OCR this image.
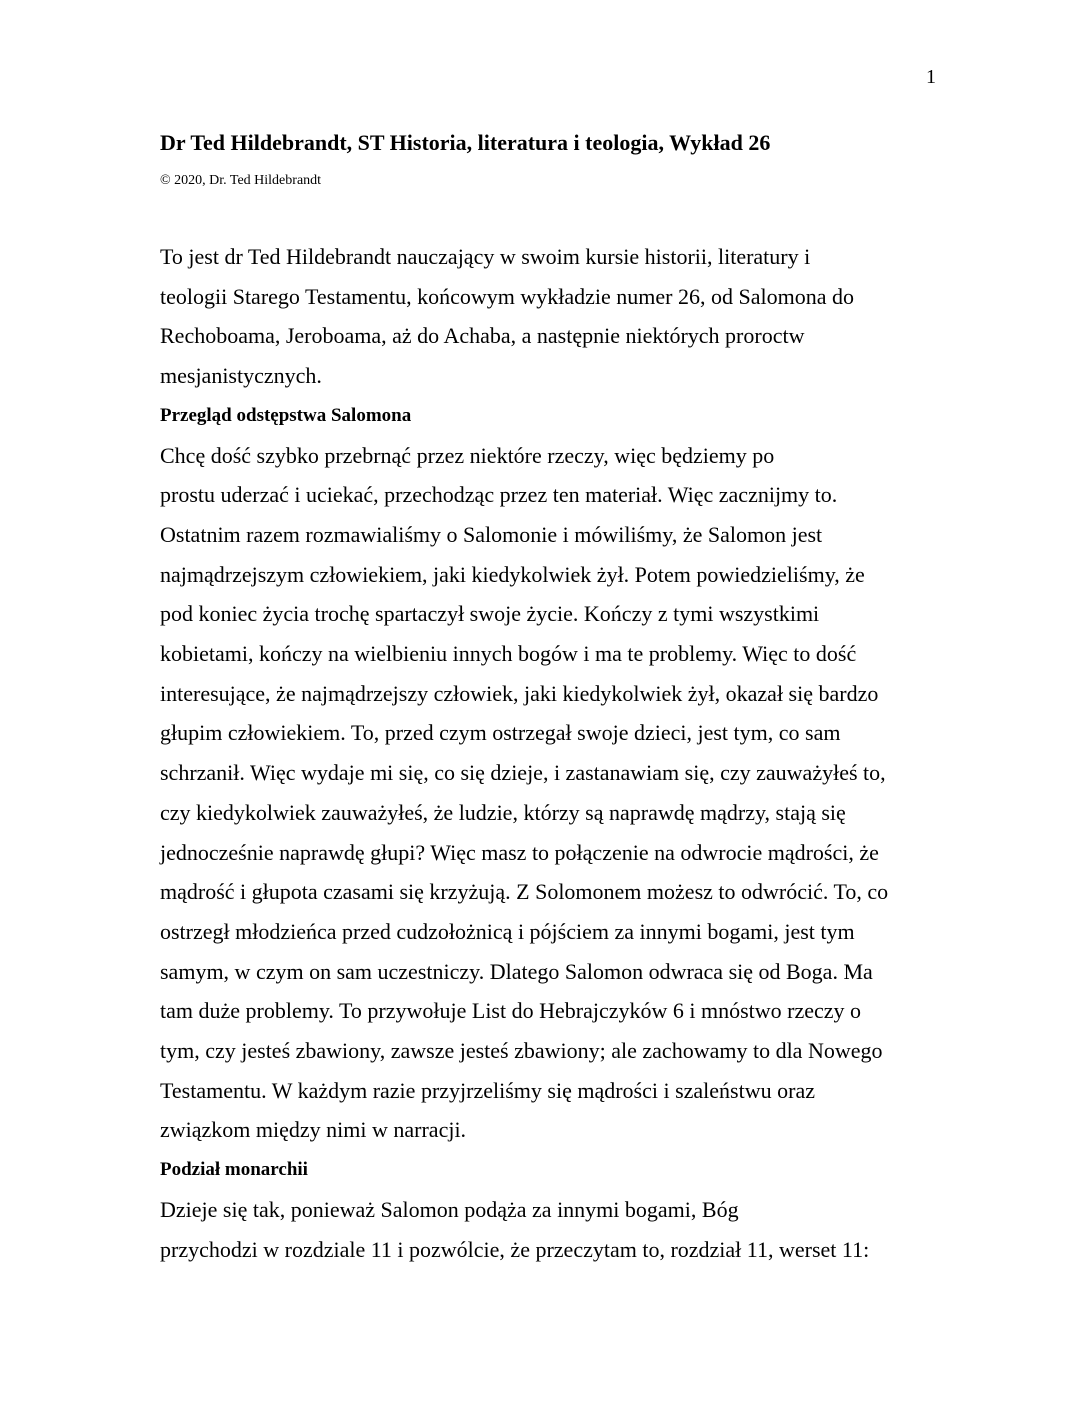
1
Dr Ted Hildebrandt, ST Historia, literatura i teologia, Wykład 26
© 2020, Dr. Ted Hildebrandt

To jest dr Ted Hildebrandt nauczający w swoim kursie historii, literatury i
teologii Starego Testamentu, końcowym wykładzie numer 26, od Salomona do
Rechoboama, Jeroboama, aż do Achaba, a następnie niektórych proroctw
mesjanistycznych.

Przegląd odstępstwa Salomona

Chcę dość szybko przebrnąć przez niektóre rzeczy, więc będziemy po
prostu uderzać i uciekać, przechodząc przez ten materiał. Więc zacznijmy to.
Ostatnim razem rozmawialiśmy o Salomonie i mówiliśmy, że Salomon jest
najmądrzejszym człowiekiem, jaki kiedykolwiek żył. Potem powiedzieliśmy, że
pod koniec życia trochę spartaczył swoje życie. Kończy z tymi wszystkimi
kobietami, kończy na wielbieniu innych bogów i ma te problemy. Więc to dość
interesujące, że najmądrzejszy człowiek, jaki kiedykolwiek żył, okazał się bardzo
głupim człowiekiem. To, przed czym ostrzegał swoje dzieci, jest tym, co sam
schrzanił. Więc wydaje mi się, co się dzieje, i zastanawiam się, czy zauważyłeś to,
czy kiedykolwiek zauważyłeś, że ludzie, którzy są naprawdę mądrzy, stają się
jednocześnie naprawdę głupi? Więc masz to połączenie na odwrocie mądrości, że
mądrość i głupota czasami się krzyżują. Z Solomonem możesz to odwrócić. To, co
ostrzegł młodzieńca przed cudzołożnicą i pójściem za innymi bogami, jest tym
samym, w czym on sam uczestniczy. Dlatego Salomon odwraca się od Boga. Ma
tam duże problemy. To przywołuje List do Hebrajczyków 6 i mnóstwo rzeczy o
tym, czy jesteś zbawiony, zawsze jesteś zbawiony; ale zachowamy to dla Nowego
Testamentu. W każdym razie przyjrzeliśmy się mądrości i szaleństwu oraz
związkom między nimi w narracji.

Podział monarchii

Dzieje się tak, ponieważ Salomon podąża za innymi bogami, Bóg
przychodzi w rozdziale 11 i pozwólcie, że przeczytam to, rozdział 11, werset 11:
